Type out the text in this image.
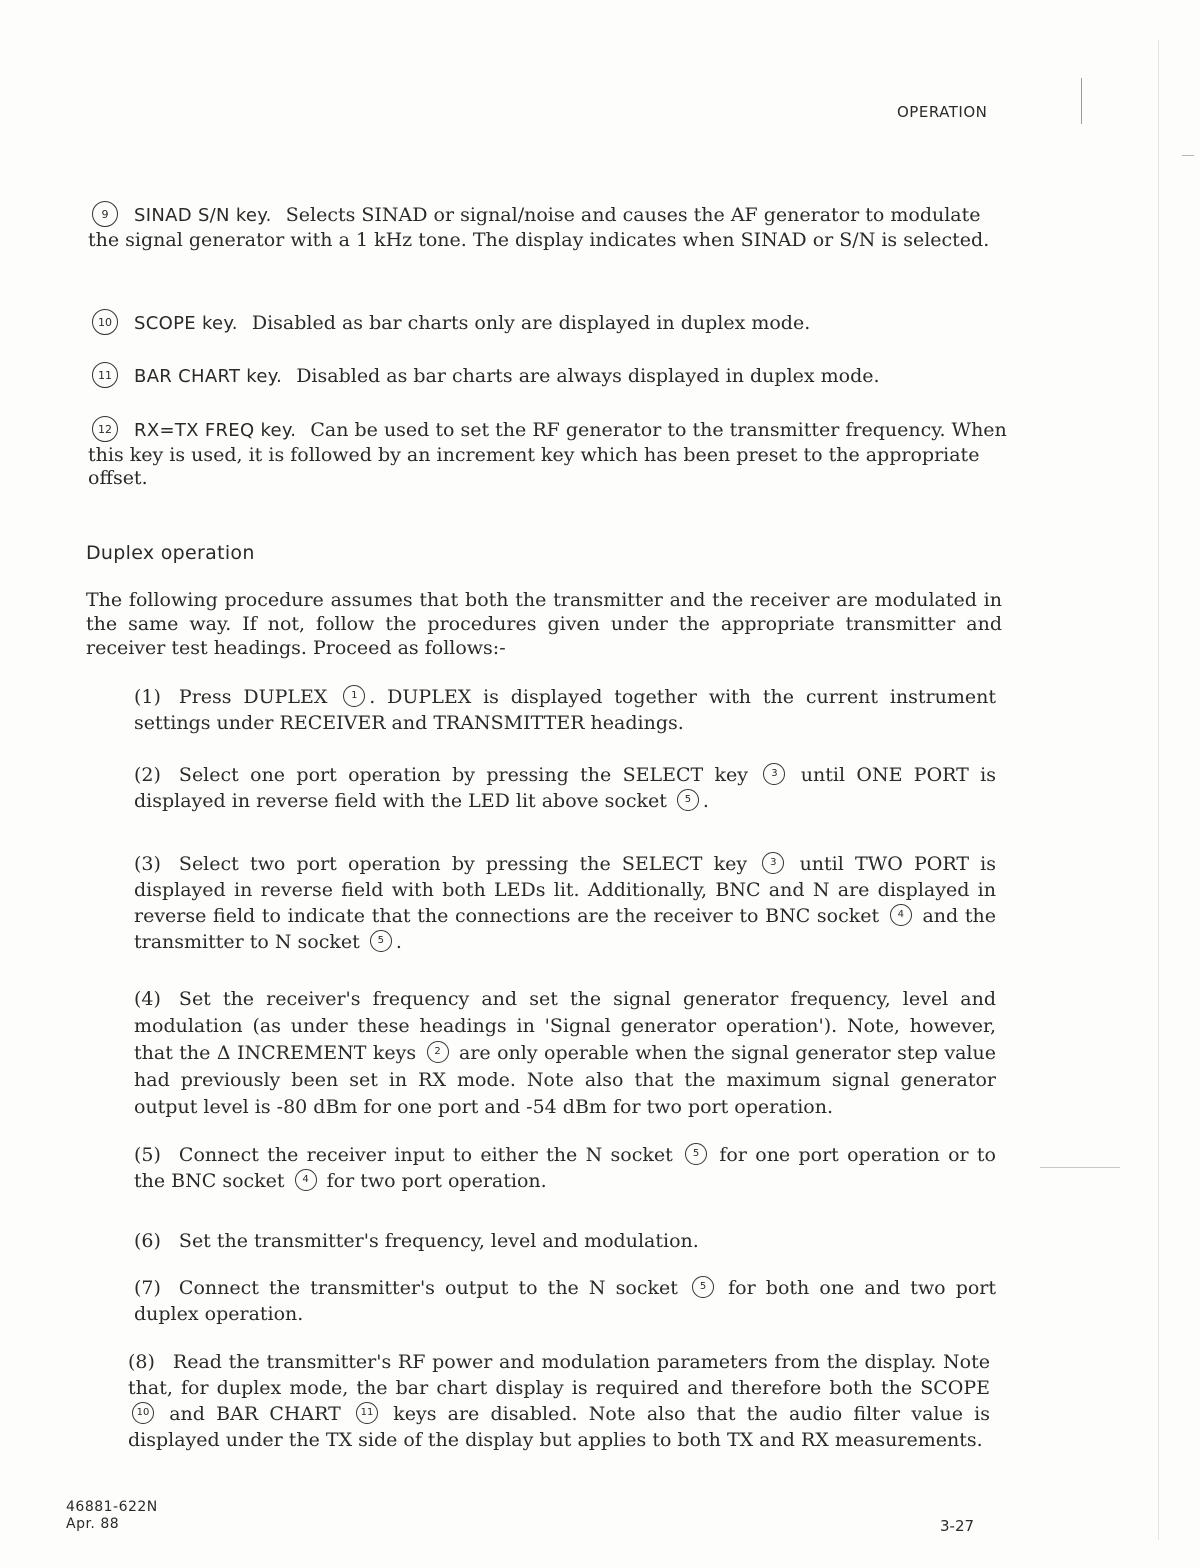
OPERATION
9 SINAD S/N key. Selects SINAD or signal/noise and causes the AF generator to modulate the signal generator with a 1 kHz tone. The display indicates when SINAD or S/N is selected.
10 SCOPE key. Disabled as bar charts only are displayed in duplex mode.
11 BAR CHART key. Disabled as bar charts are always displayed in duplex mode.
12 RX=TX FREQ key. Can be used to set the RF generator to the transmitter frequency. When this key is used, it is followed by an increment key which has been preset to the appropriate offset.
Duplex operation
The following procedure assumes that both the transmitter and the receiver are modulated in the same way. If not, follow the procedures given under the appropriate transmitter and receiver test headings. Proceed as follows:-
(1) Press DUPLEX 1 . DUPLEX is displayed together with the current instrument settings under RECEIVER and TRANSMITTER headings.
(2) Select one port operation by pressing the SELECT key 3 until ONE PORT is displayed in reverse field with the LED lit above socket 5 .
(3) Select two port operation by pressing the SELECT key 3 until TWO PORT is displayed in reverse field with both LEDs lit. Additionally, BNC and N are displayed in reverse field to indicate that the connections are the receiver to BNC socket 4 and the transmitter to N socket 5 .
(4) Set the receiver's frequency and set the signal generator frequency, level and modulation (as under these headings in 'Signal generator operation'). Note, however, that the Δ INCREMENT keys 2 are only operable when the signal generator step value had previously been set in RX mode. Note also that the maximum signal generator output level is -80 dBm for one port and -54 dBm for two port operation.
(5) Connect the receiver input to either the N socket 5 for one port operation or to the BNC socket 4 for two port operation.
(6) Set the transmitter's frequency, level and modulation.
(7) Connect the transmitter's output to the N socket 5 for both one and two port duplex operation.
(8) Read the transmitter's RF power and modulation parameters from the display. Note that, for duplex mode, the bar chart display is required and therefore both the SCOPE 10 and BAR CHART 11 keys are disabled. Note also that the audio filter value is displayed under the TX side of the display but applies to both TX and RX measurements.
46881-622N
Apr. 88	3-27
